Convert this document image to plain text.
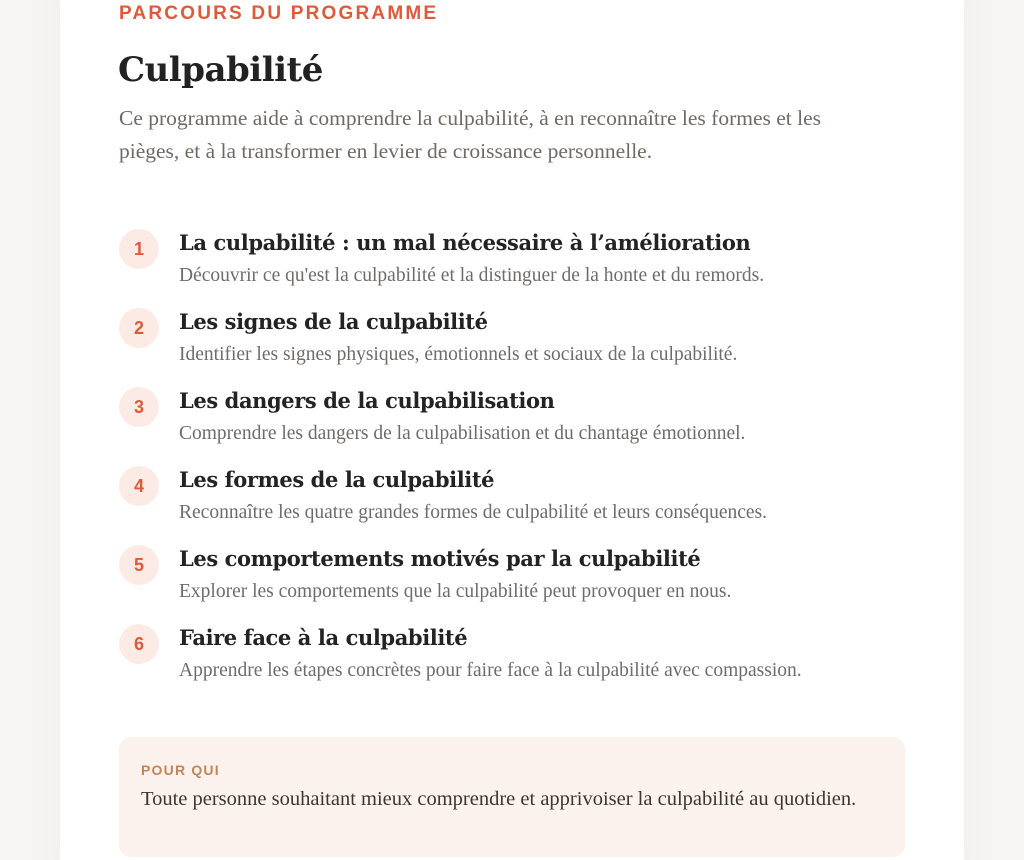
PARCOURS DU PROGRAMME

Culpabilité

Ce programme aide à comprendre la culpabilité, à en reconnaître les formes et les pièges, et à la transformer en levier de croissance personnelle.

1	La culpabilité : un mal nécessaire à l’amélioration
Découvrir ce qu'est la culpabilité et la distinguer de la honte et du remords.
2	Les signes de la culpabilité
Identifier les signes physiques, émotionnels et sociaux de la culpabilité.
3	Les dangers de la culpabilisation
Comprendre les dangers de la culpabilisation et du chantage émotionnel.
4	Les formes de la culpabilité
Reconnaître les quatre grandes formes de culpabilité et leurs conséquences.
5	Les comportements motivés par la culpabilité
Explorer les comportements que la culpabilité peut provoquer en nous.
6	Faire face à la culpabilité
Apprendre les étapes concrètes pour faire face à la culpabilité avec compassion.

POUR QUI

Toute personne souhaitant mieux comprendre et apprivoiser la culpabilité au quotidien.
